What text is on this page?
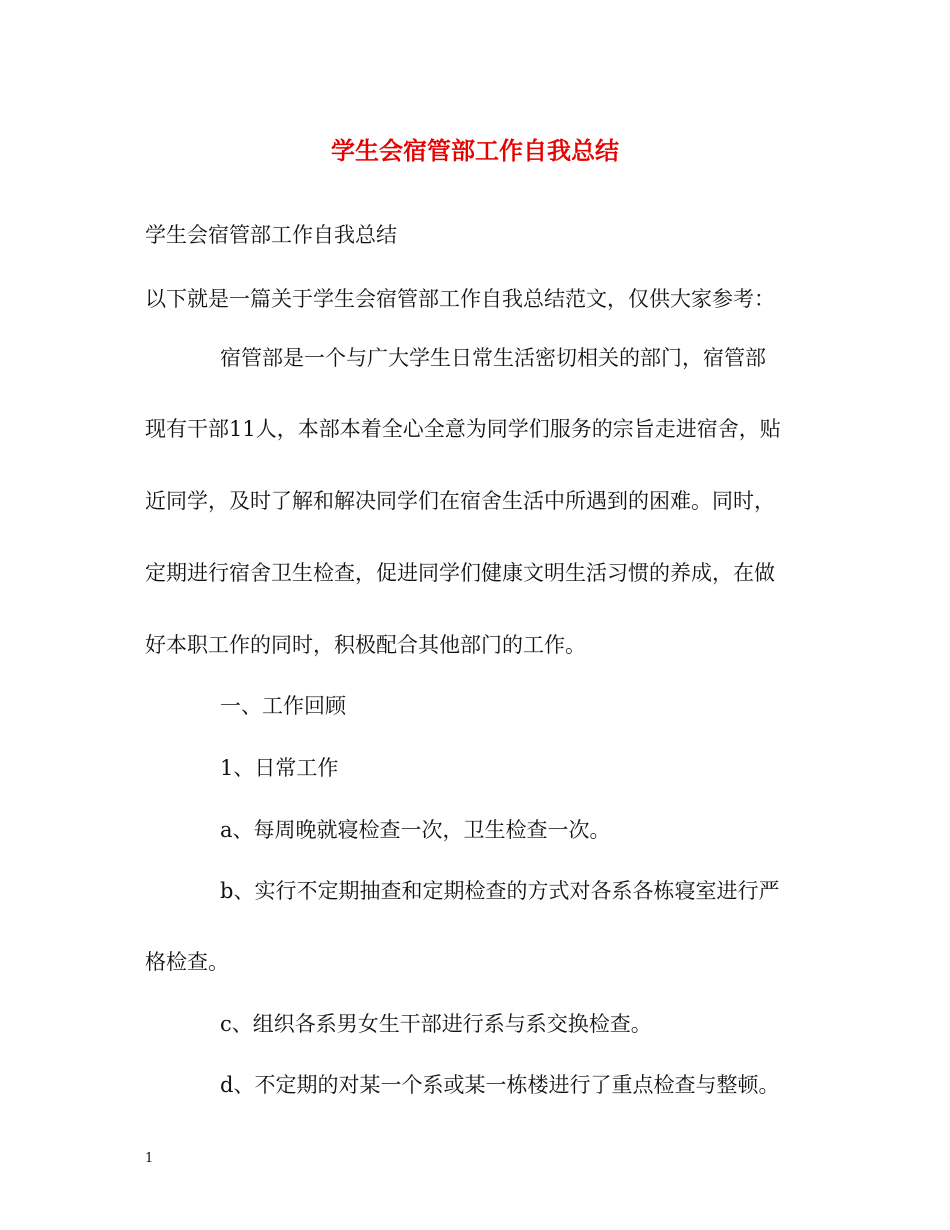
学生会宿管部工作自我总结
学生会宿管部工作自我总结
以下就是一篇关于学生会宿管部工作自我总结范文，仅供大家参考：
宿管部是一个与广大学生日常生活密切相关的部门，宿管部
现有干部11人，本部本着全心全意为同学们服务的宗旨走进宿舍，贴
近同学，及时了解和解决同学们在宿舍生活中所遇到的困难。同时，
定期进行宿舍卫生检查，促进同学们健康文明生活习惯的养成，在做
好本职工作的同时，积极配合其他部门的工作。
一、工作回顾
1、日常工作
a、每周晚就寝检查一次，卫生检查一次。
b、实行不定期抽查和定期检查的方式对各系各栋寝室进行严
格检查。
c、组织各系男女生干部进行系与系交换检查。
d、不定期的对某一个系或某一栋楼进行了重点检查与整顿。
1
